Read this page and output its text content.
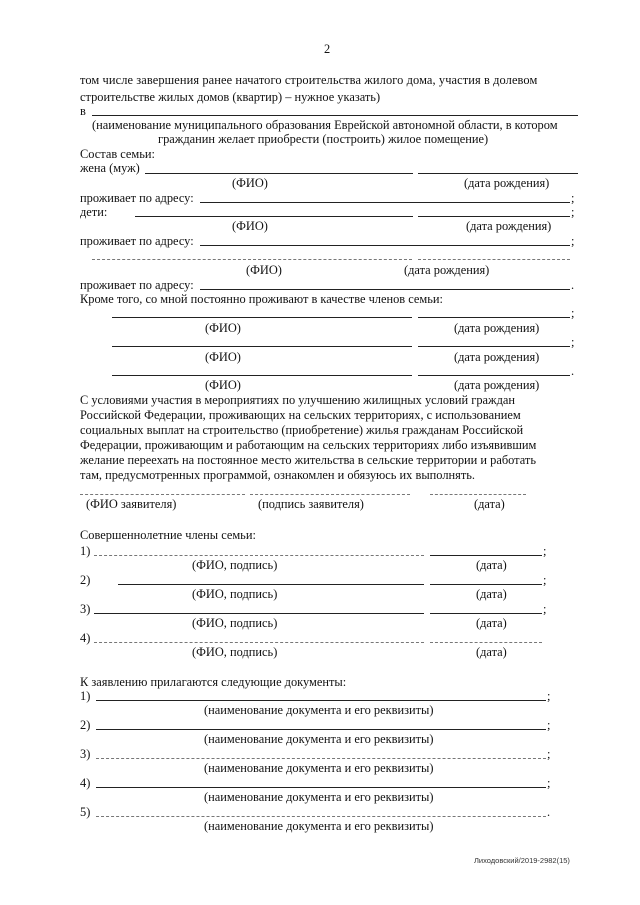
2
том числе завершения ранее начатого строительства жилого дома, участия в долевом
строительстве жилых домов (квартир) – нужное указать)
в
(наименование муниципального образования Еврейской автономной области, в котором
гражданин желает приобрести (построить) жилое помещение)
Состав семьи:
жена (муж)
(ФИО)	(дата рождения)
проживает по адресу:	;
дети:	;
(ФИО)	(дата рождения)
проживает по адресу:	;
(ФИО)	(дата рождения)
проживает по адресу:	.
Кроме того, со мной постоянно проживают в качестве членов семьи:
;
(ФИО)	(дата рождения)
;
(ФИО)	(дата рождения)
.
(ФИО)	(дата рождения)
С условиями участия в мероприятиях по улучшению жилищных условий граждан
Российской Федерации, проживающих на сельских территориях, с использованием
социальных выплат на строительство (приобретение) жилья гражданам Российской
Федерации, проживающим и работающим на сельских территориях либо изъявившим
желание переехать на постоянное место жительства в сельские территории и работать
там, предусмотренных программой, ознакомлен и обязуюсь их выполнять.
(ФИО заявителя)	(подпись заявителя)	(дата)
Совершеннолетние члены семьи:
1)	;
(ФИО, подпись)	(дата)
2)	;
(ФИО, подпись)	(дата)
3)	;
(ФИО, подпись)	(дата)
4)
(ФИО, подпись)	(дата)
К заявлению прилагаются следующие документы:
1)	;
(наименование документа и его реквизиты)
2)	;
(наименование документа и его реквизиты)
3)	;
(наименование документа и его реквизиты)
4)	;
(наименование документа и его реквизиты)
5)	.
(наименование документа и его реквизиты)
Лиходовский/2019-2982(15)
